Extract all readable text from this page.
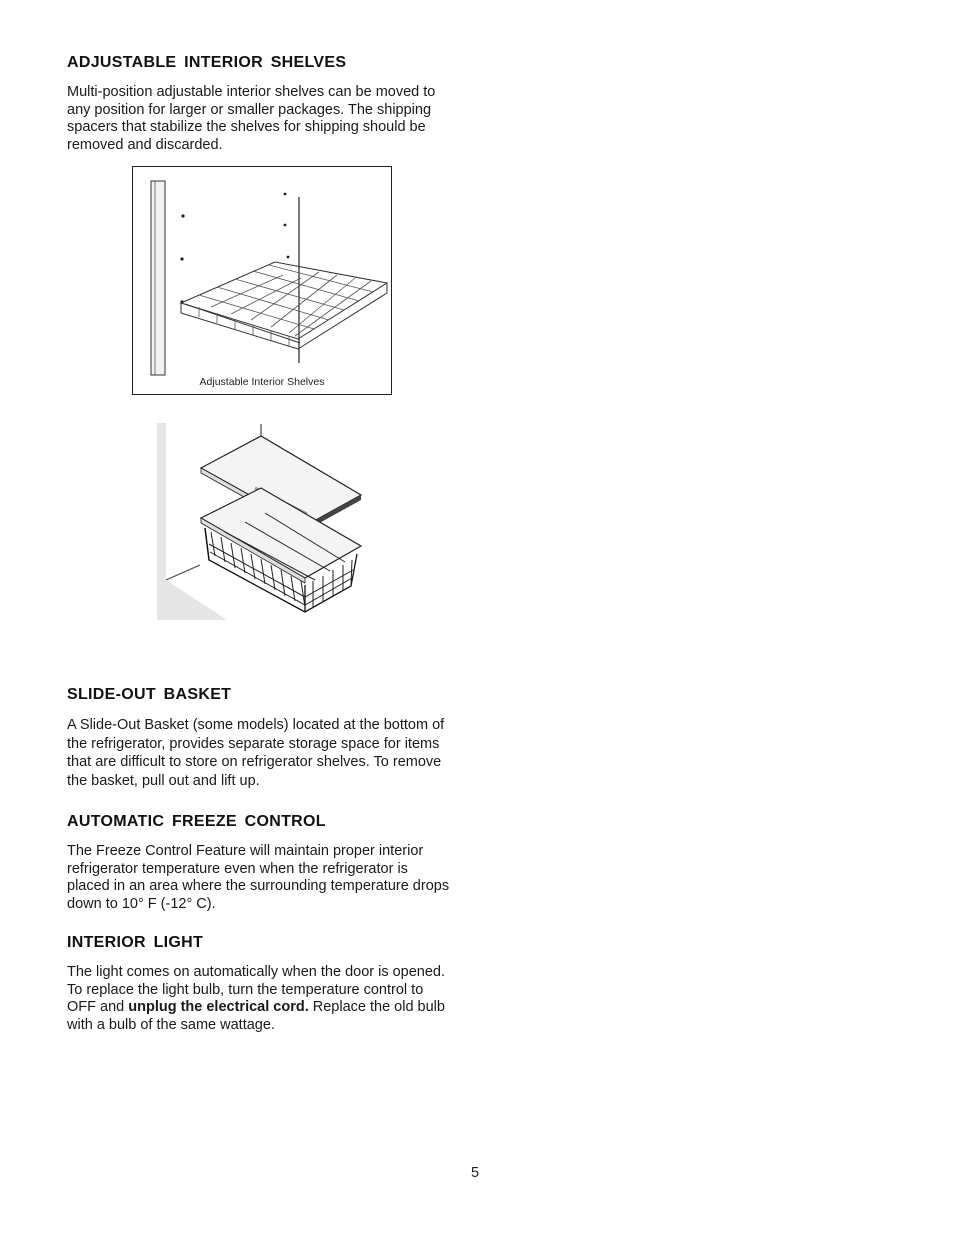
ADJUSTABLE INTERIOR SHELVES

Multi-position adjustable interior shelves can be moved to
any position for larger or smaller packages. The shipping
spacers that stabilize the shelves for shipping should be
removed and discarded.

Adjustable Interior Shelves
SLIDE-OUT BASKET

A Slide-Out Basket (some models) located at the bottom of
the refrigerator, provides separate storage space for items
that are difficult to store on refrigerator shelves. To remove
the basket, pull out and lift up.

AUTOMATIC FREEZE CONTROL

The Freeze Control Feature will maintain proper interior
refrigerator temperature even when the refrigerator is
placed in an area where the surrounding temperature drops
down to 10° F (-12° C).

INTERIOR LIGHT

The light comes on automatically when the door is opened.
To replace the light bulb, turn the temperature control to
OFF and unplug the electrical cord. Replace the old bulb
with a bulb of the same wattage.

5
